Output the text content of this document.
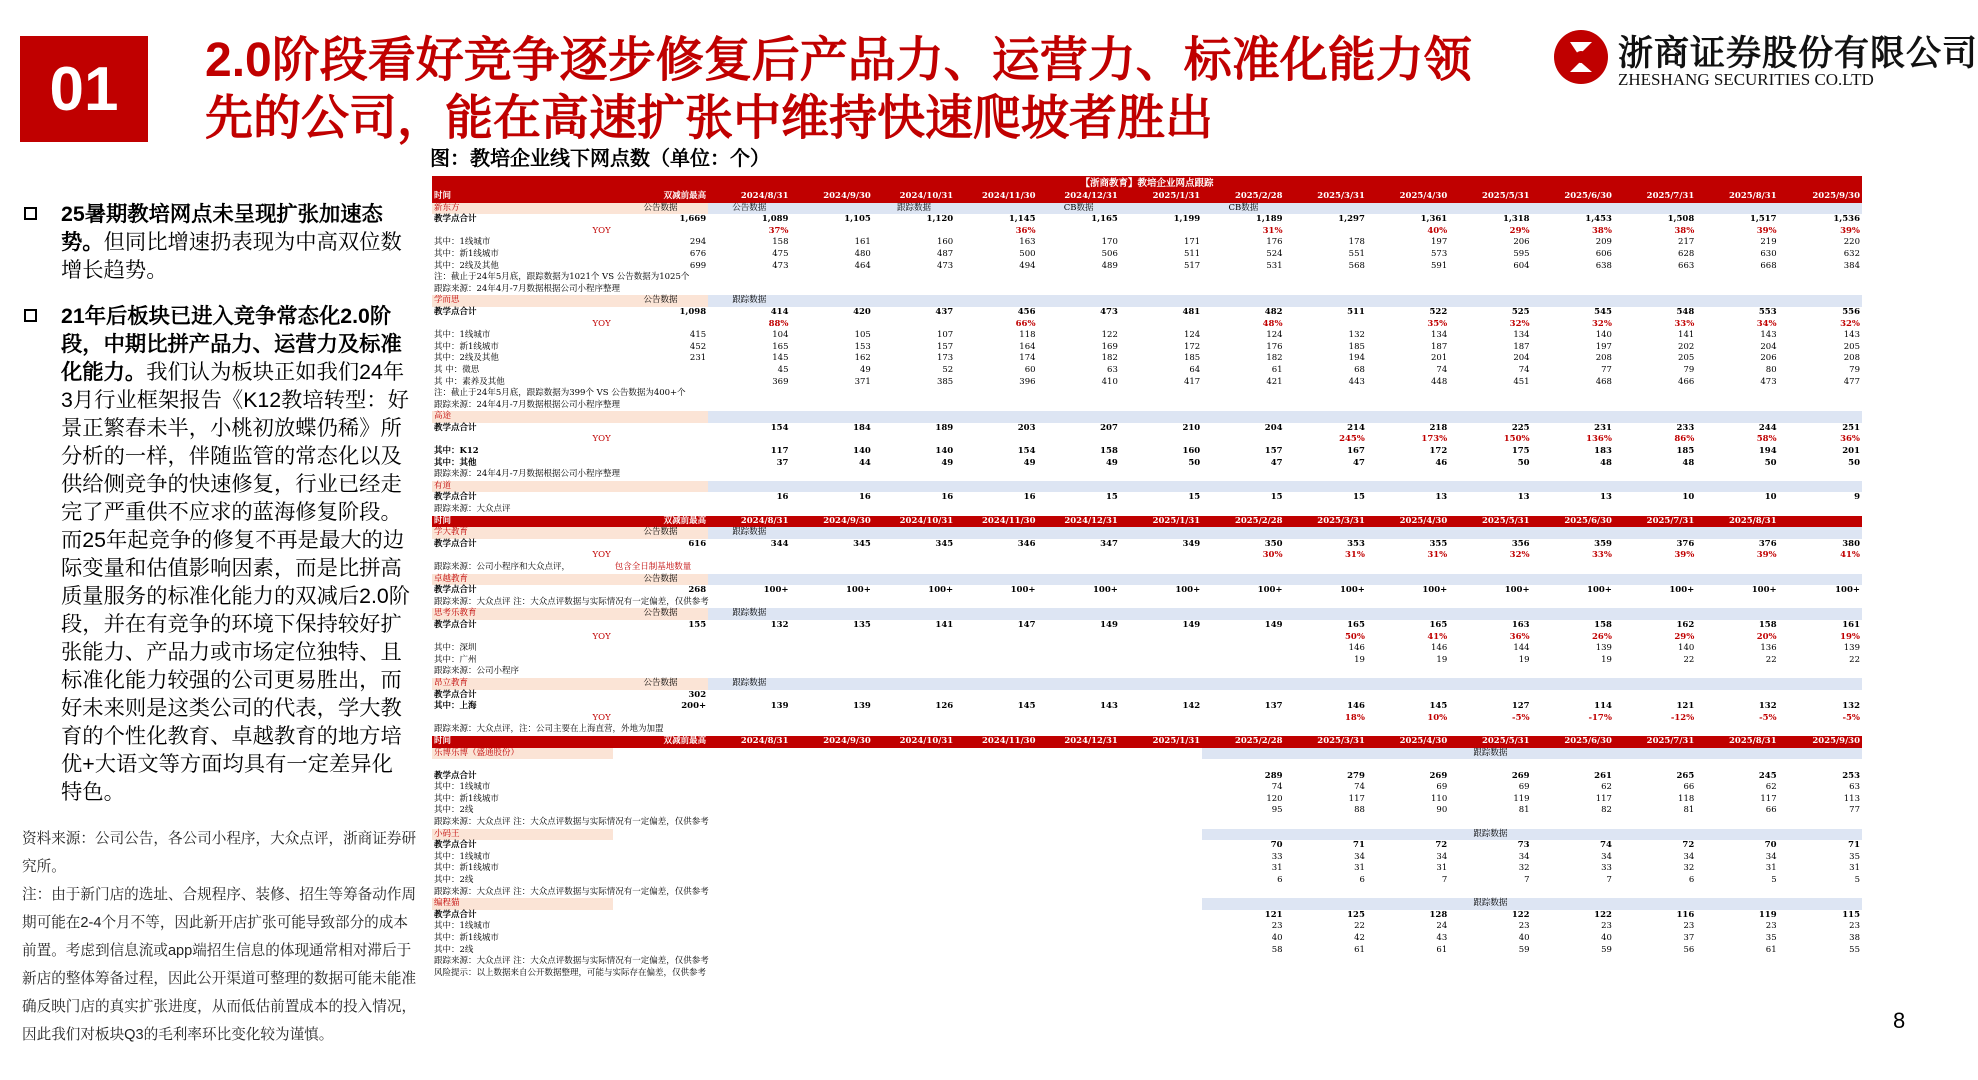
01	2.0阶段看好竞争逐步修复后产品力、运营力、标准化能力领先的公司，能在高速扩张中维持快速爬坡者胜出
浙商证券股份有限公司
ZHESHANG SECURITIES CO.LTD
图：教培企业线下网点数（单位：个）
25暑期教培网点未呈现扩张加速态势。但同比增速扔表现为中高双位数增长趋势。
21年后板块已进入竞争常态化2.0阶段，中期比拼产品力、运营力及标准化能力。我们认为板块正如我们24年3月行业框架报告《K12教培转型：好景正繁春未半，小桃初放蝶仍稀》所分析的一样，伴随监管的常态化以及供给侧竞争的快速修复，行业已经走完了严重供不应求的蓝海修复阶段。而25年起竞争的修复不再是最大的边际变量和估值影响因素，而是比拼高质量服务的标准化能力的双减后2.0阶段，并在有竞争的环境下保持较好扩张能力、产品力或市场定位独特、且标准化能力较强的公司更易胜出，而好未来则是这类公司的代表，学大教育的个性化教育、卓越教育的地方培优+大语文等方面均具有一定差异化特色。
资料来源：公司公告，各公司小程序，大众点评，浙商证券研究所。
注：由于新门店的选址、合规程序、装修、招生等筹备动作周期可能在2-4个月不等，因此新开店扩张可能导致部分的成本前置。考虑到信息流或app端招生信息的体现通常相对滞后于新店的整体筹备过程，因此公开渠道可整理的数据可能未能准确反映门店的真实扩张进度，从而低估前置成本的投入情况，因此我们对板块Q3的毛利率环比变化较为谨慎。
8
【浙商教育】教培企业网点跟踪															
时间	双减前最高	2024/8/31	2024/9/30	2024/10/31	2024/11/30	2024/12/31	2025/1/31	2025/2/28	2025/3/31	2025/4/30	2025/5/31	2025/6/30	2025/7/31	2025/8/31	2025/9/30
新东方	公告数据	公告数据		跟踪数据		CB数据		CB数据							
教学点合计	1,669	1,089	1,105	1,120	1,145	1,165	1,199	1,189	1,297	1,361	1,318	1,453	1,508	1,517	1,536
YOY		37%			36%			31%		40%	29%	38%	38%	39%	39%
其中：1线城市	294	158	161	160	163	170	171	176	178	197	206	209	217	219	220
其中：新1线城市	676	475	480	487	500	506	511	524	551	573	595	606	628	630	632
其中：2线及其他	699	473	464	473	494	489	517	531	568	591	604	638	663	668	384
注：截止于24年5月底，跟踪数据为1021个 VS 公告数据为1025个															
跟踪来源：24年4月-7月数据根据公司小程序整理															
学而思	公告数据	跟踪数据													
教学点合计	1,098	414	420	437	456	473	481	482	511	522	525	545	548	553	556
YOY		88%			66%			48%		35%	32%	32%	33%	34%	32%
其中：1线城市	415	104	105	107	118	122	124	124	132	134	134	140	141	143	143
其中：新1线城市	452	165	153	157	164	169	172	176	185	187	187	197	202	204	205
其中：2线及其他	231	145	162	173	174	182	185	182	194	201	204	208	205	206	208
其 中：微思		45	49	52	60	63	64	61	68	74	74	77	79	80	79
其 中：素养及其他		369	371	385	396	410	417	421	443	448	451	468	466	473	477
注：截止于24年5月底，跟踪数据为399个 VS 公告数据为400+个															
跟踪来源：24年4月-7月数据根据公司小程序整理															
高途															
教学点合计		154	184	189	203	207	210	204	214	218	225	231	233	244	251
YOY									245%	173%	150%	136%	86%	58%	36%
其中：K12		117	140	140	154	158	160	157	167	172	175	183	185	194	201
其中：其他		37	44	49	49	49	50	47	47	46	50	48	48	50	50
跟踪来源：24年4月-7月数据根据公司小程序整理															
有道															
教学点合计		16	16	16	16	15	15	15	15	13	13	13	10	10	9
跟踪来源：大众点评															
时间	双减前最高	2024/8/31	2024/9/30	2024/10/31	2024/11/30	2024/12/31	2025/1/31	2025/2/28	2025/3/31	2025/4/30	2025/5/31	2025/6/30	2025/7/31	2025/8/31	
学大教育	公告数据	跟踪数据													
教学点合计	616	344	345	345	346	347	349	350	353	355	356	359	376	376	380
YOY								30%	31%	31%	32%	33%	39%	39%	41%
跟踪来源：公司小程序和大众点评，	包含全日制基地数量														
卓越教育	公告数据														
教学点合计	268	100+	100+	100+	100+	100+	100+	100+	100+	100+	100+	100+	100+	100+	100+
跟踪来源：大众点评 注：大众点评数据与实际情况有一定偏差，仅供参考															
思考乐教育	公告数据	跟踪数据													
教学点合计	155	132	135	141	147	149	149	149	165	165	163	158	162	158	161
YOY									50%	41%	36%	26%	29%	20%	19%
其中：深圳									146	146	144	139	140	136	139
其中：广州									19	19	19	19	22	22	22
跟踪来源：公司小程序															
昂立教育	公告数据	跟踪数据													
教学点合计	302														
其中：上海	200+	139	139	126	145	143	142	137	146	145	127	114	121	132	132
YOY									18%	10%	-5%	-17%	-12%	-5%	-5%
跟踪来源：大众点评，注：公司主要在上海直营，外地为加盟															
时间	双减前最高	2024/8/31	2024/9/30	2024/10/31	2024/11/30	2024/12/31	2025/1/31	2025/2/28	2025/3/31	2025/4/30	2025/5/31	2025/6/30	2025/7/31	2025/8/31	2025/9/30
乐博乐博（盛通股份）											跟踪数据				

教学点合计								289	279	269	269	261	265	245	253
其中：1线城市								74	74	69	69	62	66	62	63
其中：新1线城市								120	117	110	119	117	118	117	113
其中：2线								95	88	90	81	82	81	66	77
跟踪来源：大众点评 注：大众点评数据与实际情况有一定偏差，仅供参考															
小码王											跟踪数据				
教学点合计								70	71	72	73	74	72	70	71
其中：1线城市								33	34	34	34	34	34	34	35
其中：新1线城市								31	31	31	32	33	32	31	31
其中：2线								6	6	7	7	7	6	5	5
跟踪来源：大众点评 注：大众点评数据与实际情况有一定偏差，仅供参考															
编程猫											跟踪数据				
教学点合计								121	125	128	122	122	116	119	115
其中：1线城市								23	22	24	23	23	23	23	23
其中：新1线城市								40	42	43	40	40	37	35	38
其中：2线								58	61	61	59	59	56	61	55
跟踪来源：大众点评 注：大众点评数据与实际情况有一定偏差，仅供参考															
风险提示：以上数据来自公开数据整理，可能与实际存在偏差，仅供参考															
